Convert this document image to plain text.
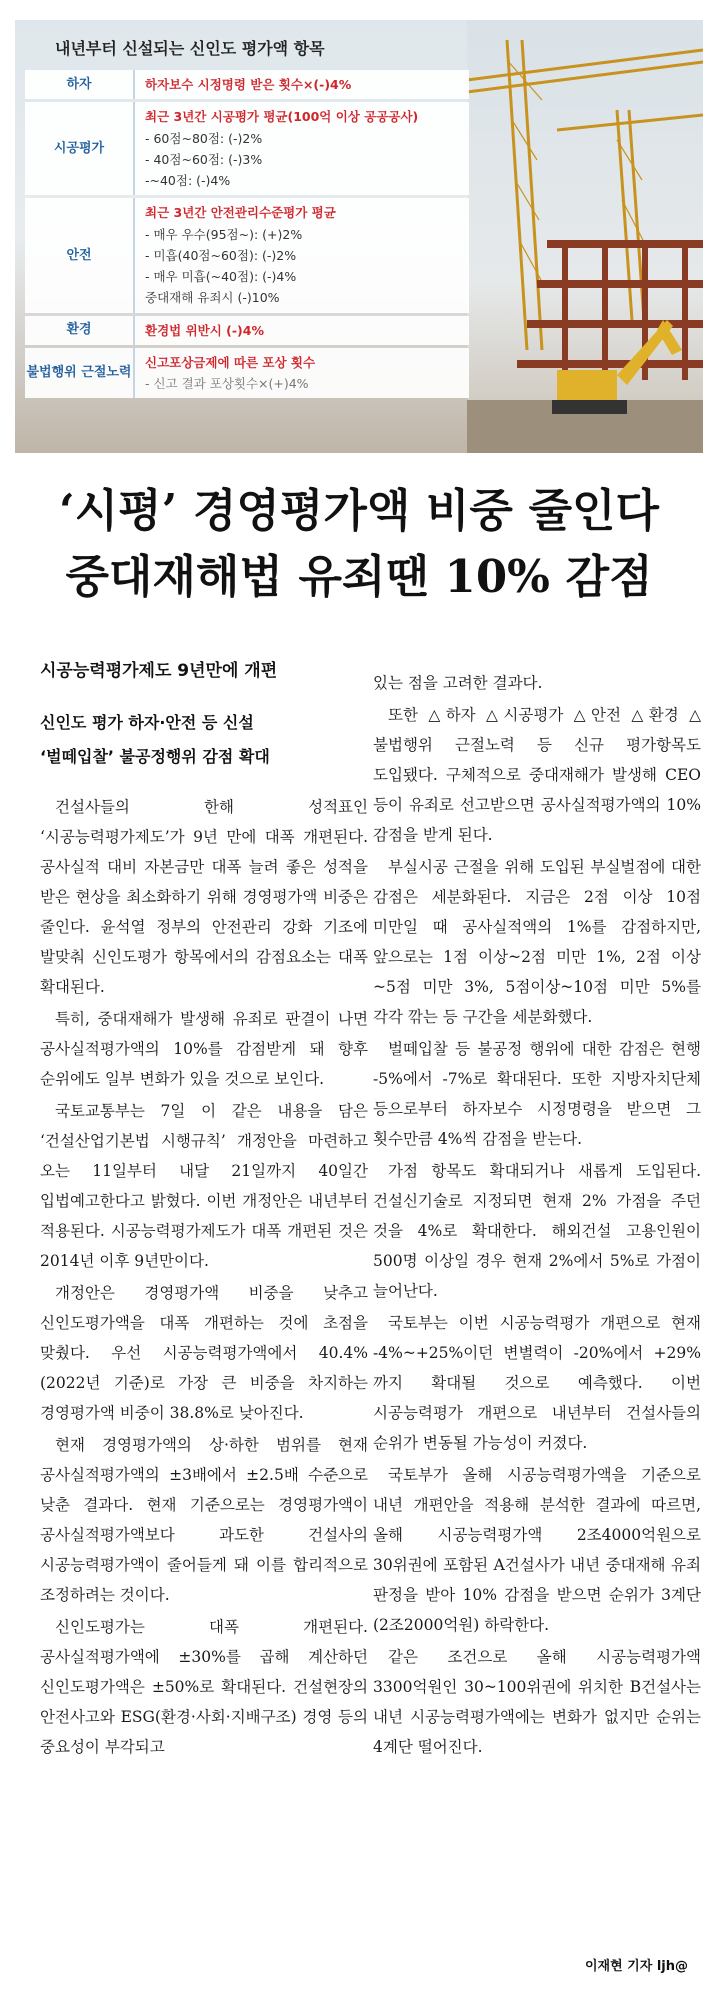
내년부터 신설되는 신인도 평가액 항목
하자	하자보수 시정명령 받은 횟수×(-)4%
시공평가
최근 3년간 시공평가 평균(100억 이상 공공공사)
- 60점~80점: (-)2%
- 40점~60점: (-)3%
-~40점: (-)4%
안전
최근 3년간 안전관리수준평가 평균
- 매우 우수(95점~): (+)2%
- 미흡(40점~60점): (-)2%
- 매우 미흡(~40점): (-)4%
중대재해 유죄시 (-)10%
환경	환경법 위반시 (-)4%
불법행위 근절노력
신고포상금제에 따른 포상 횟수
- 신고 결과 포상횟수×(+)4%
‘시평’ 경영평가액 비중 줄인다
중대재해법 유죄땐 10% 감점
시공능력평가제도 9년만에 개편
신인도 평가 하자·안전 등 신설
‘벌떼입찰’ 불공정행위 감점 확대

건설사들의 한해 성적표인 ‘시공능력평가제도’가 9년 만에 대폭 개편된다. 공사실적 대비 자본금만 대폭 늘려 좋은 성적을 받은 현상을 최소화하기 위해 경영평가액 비중은 줄인다. 윤석열 정부의 안전관리 강화 기조에 발맞춰 신인도평가 항목에서의 감점요소는 대폭 확대된다.

특히, 중대재해가 발생해 유죄로 판결이 나면 공사실적평가액의 10%를 감점받게 돼 향후 순위에도 일부 변화가 있을 것으로 보인다.

국토교통부는 7일 이 같은 내용을 담은 ‘건설산업기본법 시행규칙’ 개정안을 마련하고 오는 11일부터 내달 21일까지 40일간 입법예고한다고 밝혔다. 이번 개정안은 내년부터 적용된다. 시공능력평가제도가 대폭 개편된 것은 2014년 이후 9년만이다.

개정안은 경영평가액 비중을 낮추고 신인도평가액을 대폭 개편하는 것에 초점을 맞췄다. 우선 시공능력평가액에서 40.4%(2022년 기준)로 가장 큰 비중을 차지하는 경영평가액 비중이 38.8%로 낮아진다.

현재 경영평가액의 상·하한 범위를 현재 공사실적평가액의 ±3배에서 ±2.5배 수준으로 낮춘 결과다. 현재 기준으로는 경영평가액이 공사실적평가액보다 과도한 건설사의 시공능력평가액이 줄어들게 돼 이를 합리적으로 조정하려는 것이다.

신인도평가는 대폭 개편된다. 공사실적평가액에 ±30%를 곱해 계산하던 신인도평가액은 ±50%로 확대된다. 건설현장의 안전사고와 ESG(환경·사회·지배구조) 경영 등의 중요성이 부각되고

있는 점을 고려한 결과다.

또한 △하자 △시공평가 △안전 △환경 △불법행위 근절노력 등 신규 평가항목도 도입됐다. 구체적으로 중대재해가 발생해 CEO 등이 유죄로 선고받으면 공사실적평가액의 10% 감점을 받게 된다.

부실시공 근절을 위해 도입된 부실벌점에 대한 감점은 세분화된다. 지금은 2점 이상 10점 미만일 때 공사실적액의 1%를 감점하지만, 앞으로는 1점 이상~2점 미만 1%, 2점 이상~5점 미만 3%, 5점이상~10점 미만 5%를 각각 깎는 등 구간을 세분화했다.

벌떼입찰 등 불공정 행위에 대한 감점은 현행 -5%에서 -7%로 확대된다. 또한 지방자치단체 등으로부터 하자보수 시정명령을 받으면 그 횟수만큼 4%씩 감점을 받는다.

가점 항목도 확대되거나 새롭게 도입된다. 건설신기술로 지정되면 현재 2% 가점을 주던 것을 4%로 확대한다. 해외건설 고용인원이 500명 이상일 경우 현재 2%에서 5%로 가점이 늘어난다.

국토부는 이번 시공능력평가 개편으로 현재 -4%~+25%이던 변별력이 -20%에서 +29%까지 확대될 것으로 예측했다. 이번 시공능력평가 개편으로 내년부터 건설사들의 순위가 변동될 가능성이 커졌다.

국토부가 올해 시공능력평가액을 기준으로 내년 개편안을 적용해 분석한 결과에 따르면, 올해 시공능력평가액 2조4000억원으로 30위권에 포함된 A건설사가 내년 중대재해 유죄 판정을 받아 10% 감점을 받으면 순위가 3계단(2조2000억원) 하락한다.

같은 조건으로 올해 시공능력평가액 3300억원인 30~100위권에 위치한 B건설사는 내년 시공능력평가액에는 변화가 없지만 순위는 4계단 떨어진다.

이재현 기자 ljh@
